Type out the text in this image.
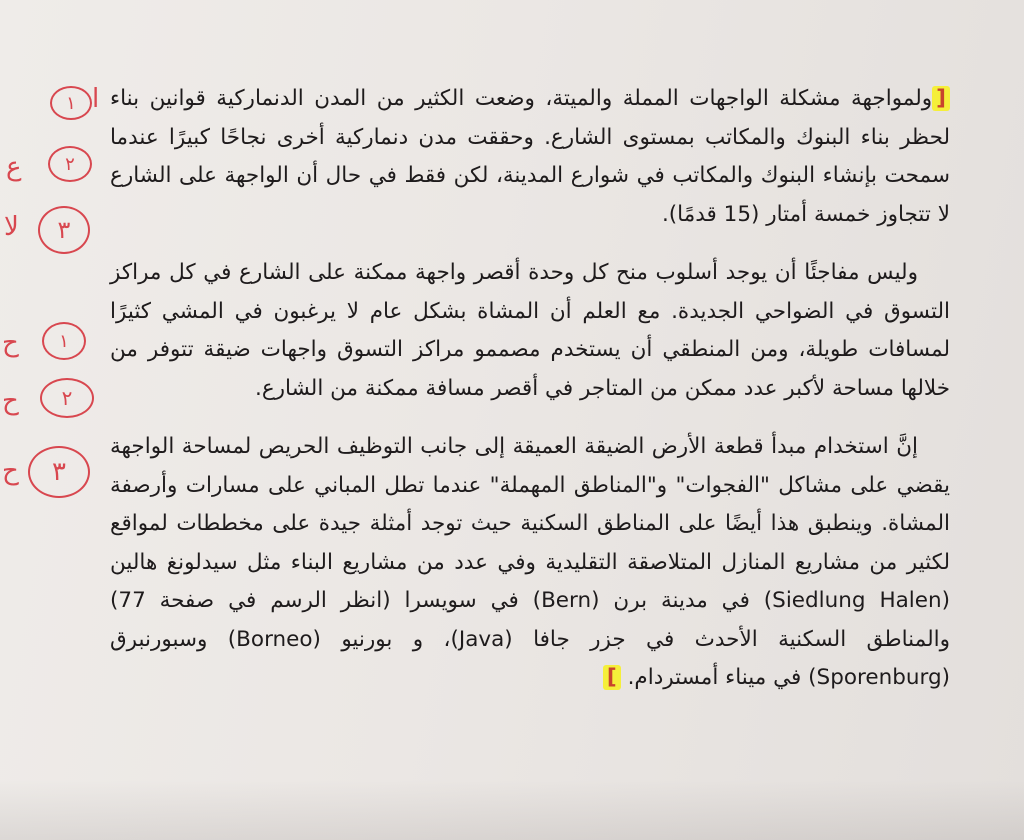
ا
١
ع	٢
لا	٣
ح	١
ح	٢
ح	٣

[ولمواجهة مشكلة الواجهات المملة والميتة، وضعت الكثير من المدن الدنماركية قوانين بناء لحظر بناء البنوك والمكاتب بمستوى الشارع. وحققت مدن دنماركية أخرى نجاحًا كبيرًا عندما سمحت بإنشاء البنوك والمكاتب في شوارع المدينة، لكن فقط في حال أن الواجهة على الشارع لا تتجاوز خمسة أمتار (15 قدمًا).

وليس مفاجئًا أن يوجد أسلوب منح كل وحدة أقصر واجهة ممكنة على الشارع في كل مراكز التسوق في الضواحي الجديدة. مع العلم أن المشاة بشكل عام لا يرغبون في المشي كثيرًا لمسافات طويلة، ومن المنطقي أن يستخدم مصممو مراكز التسوق واجهات ضيقة تتوفر من خلالها مساحة لأكبر عدد ممكن من المتاجر في أقصر مسافة ممكنة من الشارع.

إنَّ استخدام مبدأ قطعة الأرض الضيقة العميقة إلى جانب التوظيف الحريص لمساحة الواجهة يقضي على مشاكل "الفجوات" و"المناطق المهملة" عندما تطل المباني على مسارات وأرصفة المشاة. وينطبق هذا أيضًا على المناطق السكنية حيث توجد أمثلة جيدة على مخططات لمواقع لكثير من مشاريع المنازل المتلاصقة التقليدية وفي عدد من مشاريع البناء مثل سيدلونغ هالين (Siedlung Halen) في مدينة برن (Bern) في سويسرا (انظر الرسم في صفحة 77) والمناطق السكنية الأحدث في جزر جافا (Java)، و بورنيو (Borneo) وسبورنبرق (Sporenburg) في ميناء أمستردام. ]
